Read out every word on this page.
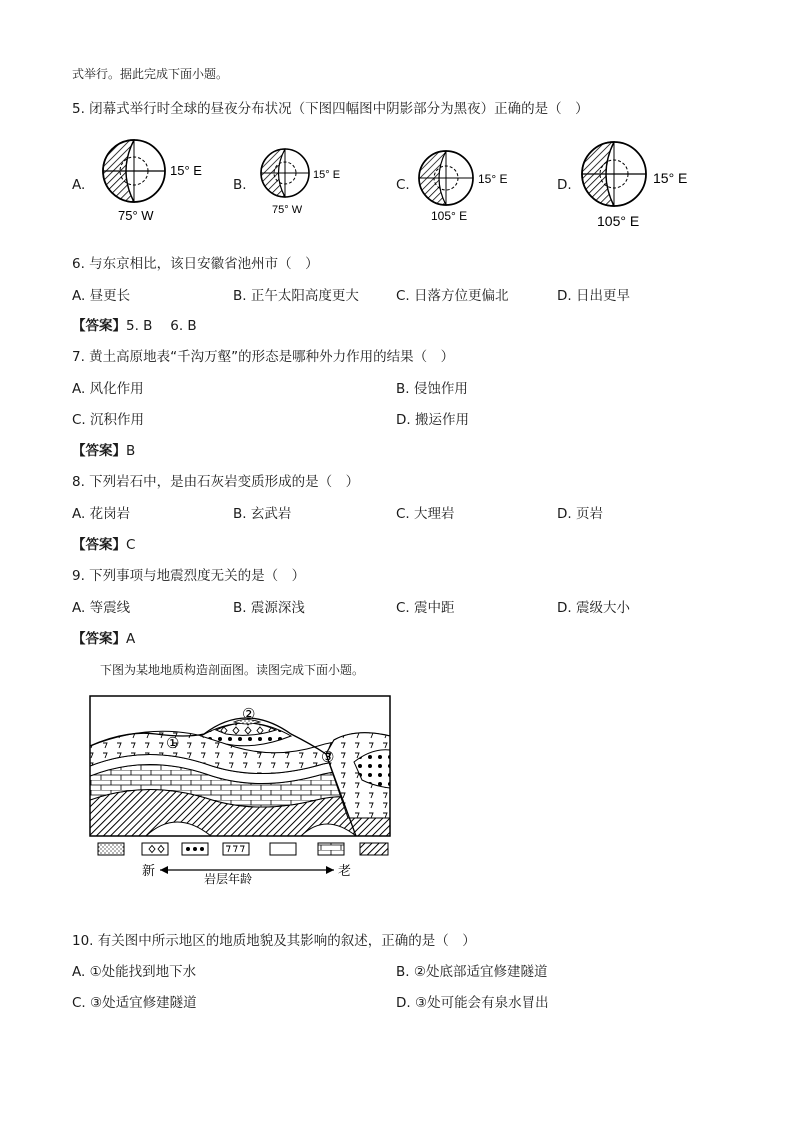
式举行。据此完成下面小题。
5. 闭幕式举行时全球的昼夜分布状况（下图四幅图中阴影部分为黑夜）正确的是（　）
A.
15° E
75° W
B.
15° E
75° W
C.	15° E
105° E
D.	15° E
105° E
6. 与东京相比，该日安徽省池州市（　）
A. 昼更长	B. 正午太阳高度更大	C. 日落方位更偏北	D. 日出更早
【答案】5. B　 6. B
7. 黄土高原地表“千沟万壑”的形态是哪种外力作用的结果（　）
A. 风化作用	B. 侵蚀作用
C. 沉积作用	D. 搬运作用
【答案】B
8. 下列岩石中，是由石灰岩变质形成的是（　）
A. 花岗岩	B. 玄武岩	C. 大理岩	D. 页岩
【答案】C
9. 下列事项与地震烈度无关的是（　）
A. 等震线	B. 震源深浅	C. 震中距	D. 震级大小
【答案】A
下图为某地地质构造剖面图。读图完成下面小题。
①
②
③
新
岩层年龄
老
10. 有关图中所示地区的地质地貌及其影响的叙述，正确的是（　）
A. ①处能找到地下水	B. ②处底部适宜修建隧道
C. ③处适宜修建隧道	D. ③处可能会有泉水冒出
